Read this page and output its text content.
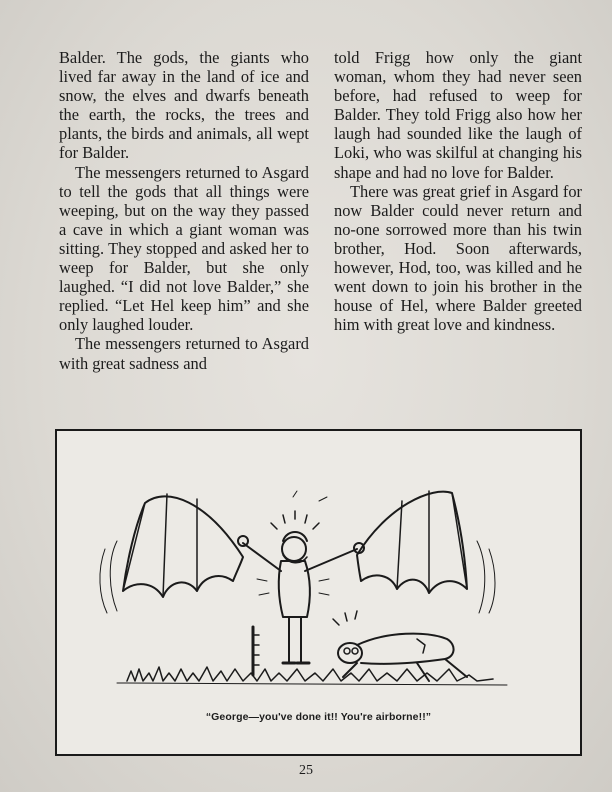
Balder. The gods, the giants who lived far away in the land of ice and snow, the elves and dwarfs beneath the earth, the rocks, the trees and plants, the birds and animals, all wept for Balder.

The messengers returned to Asgard to tell the gods that all things were weeping, but on the way they passed a cave in which a giant woman was sitting. They stopped and asked her to weep for Balder, but she only laughed. “I did not love Balder,” she replied. “Let Hel keep him” and she only laughed louder.

The messengers returned to Asgard with great sadness and

told Frigg how only the giant woman, whom they had never seen before, had refused to weep for Balder. They told Frigg also how her laugh had sounded like the laugh of Loki, who was skilful at changing his shape and had no love for Balder.

There was great grief in Asgard for now Balder could never return and no-one sorrowed more than his twin brother, Hod. Soon afterwards, however, Hod, too, was killed and he went down to join his brother in the house of Hel, where Balder greeted him with great love and kindness.

“George—you've done it!! You're airborne!!”
25
